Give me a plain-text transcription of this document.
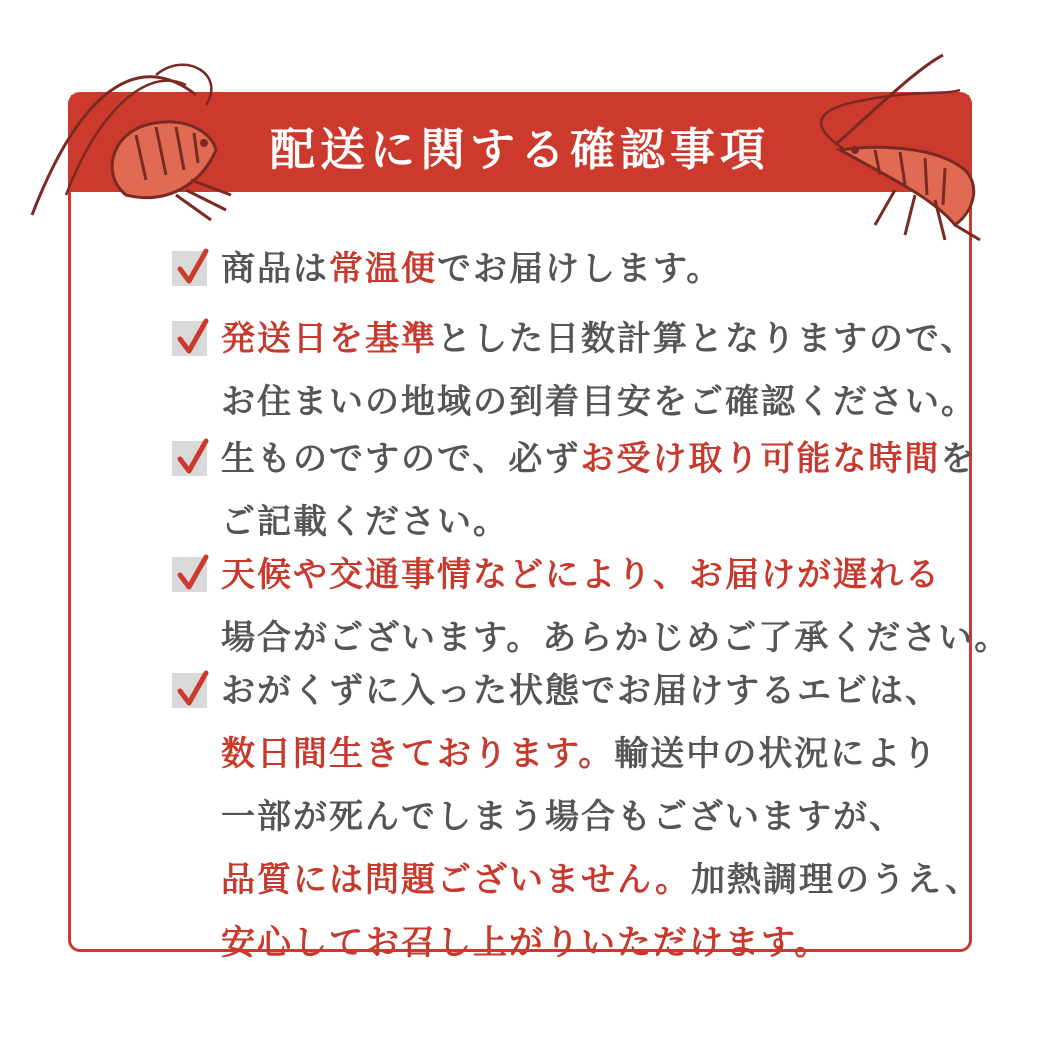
配送に関する確認事項
商品は常温便でお届けします。
発送日を基準とした日数計算となりますので、
お住まいの地域の到着目安をご確認ください。
生ものですので、必ずお受け取り可能な時間を
ご記載ください。
天候や交通事情などにより、お届けが遅れる
場合がございます。あらかじめご了承ください。
おがくずに入った状態でお届けするエビは、
数日間生きております。輸送中の状況により
一部が死んでしまう場合もございますが、
品質には問題ございません。加熱調理のうえ、
安心してお召し上がりいただけます。
